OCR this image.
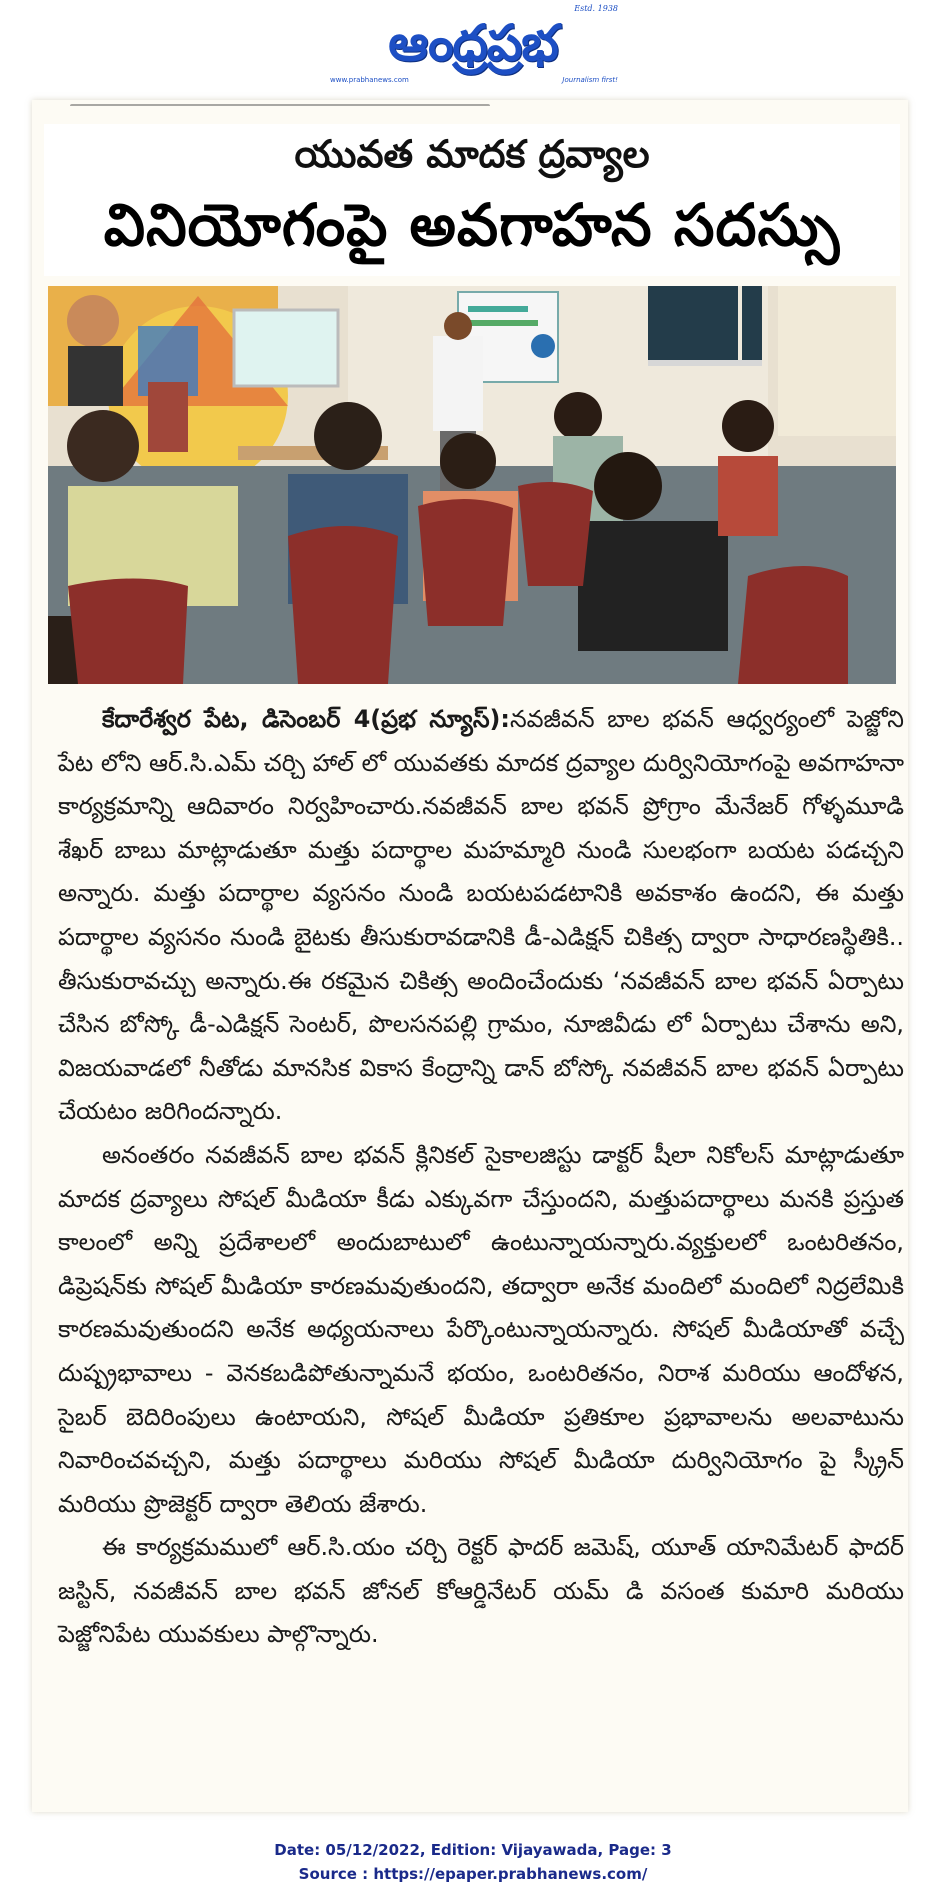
ఆంధ్రప్రభ
Estd. 1938
www.prabhanews.com	Journalism first!
యువత మాదక ద్రవ్యాల
వినియోగంపై అవగాహన సదస్సు

కేదారేశ్వర పేట, డిసెంబర్ 4(ప్రభ న్యూస్):నవజీవన్ బాల భవన్ ఆధ్వర్యంలో పెజ్జోని పేట లోని ఆర్.సి.ఎమ్ చర్చి హాల్ లో యువతకు మాదక ద్రవ్యాల దుర్వినియోగంపై అవగాహనా కార్యక్రమాన్ని ఆదివారం నిర్వహించారు.నవజీవన్ బాల భవన్ ప్రోగ్రాం మేనేజర్ గోళ్ళమూడి శేఖర్ బాబు మాట్లాడుతూ మత్తు పదార్థాల మహమ్మారి నుండి సులభంగా బయట పడచ్చని అన్నారు. మత్తు పదార్థాల వ్యసనం నుండి బయటపడటానికి అవకాశం ఉందని, ఈ మత్తు పదార్థాల వ్యసనం నుండి బైటకు తీసుకురావడానికి డీ-ఎడిక్షన్ చికిత్స ద్వారా సాధారణస్థితికి.. తీసుకురావచ్చు అన్నారు.ఈ రకమైన చికిత్స అందించేందుకు ‘నవజీవన్ బాల భవన్ ఏర్పాటు చేసిన బోస్కో డీ-ఎడిక్షన్ సెంటర్, పొలసనపల్లి గ్రామం, నూజివీడు లో ఏర్పాటు చేశాను అని, విజయవాడలో నీతోడు మానసిక వికాస కేంద్రాన్ని డాన్ బోస్కో నవజీవన్ బాల భవన్ ఏర్పాటు చేయటం జరిగిందన్నారు.

అనంతరం నవజీవన్ బాల భవన్ క్లినికల్ సైకాలజిస్టు డాక్టర్ షీలా నికోలస్ మాట్లాడుతూ మాదక ద్రవ్యాలు సోషల్ మీడియా కీడు ఎక్కువగా చేస్తుందని, మత్తుపదార్థాలు మనకి ప్రస్తుత కాలంలో అన్ని ప్రదేశాలలో అందుబాటులో ఉంటున్నాయన్నారు.వ్యక్తులలో ఒంటరితనం, డిప్రెషన్‌కు సోషల్ మీడియా కారణమవుతుందని, తద్వారా అనేక మందిలో మందిలో నిద్రలేమికి కారణమవుతుందని అనేక అధ్యయనాలు పేర్కొంటున్నాయన్నారు. సోషల్ మీడియాతో వచ్చే దుష్ప్రభావాలు - వెనకబడిపోతున్నామనే భయం, ఒంటరితనం, నిరాశ మరియు ఆందోళన, సైబర్ బెదిరింపులు ఉంటాయని, సోషల్ మీడియా ప్రతికూల ప్రభావాలను అలవాటును నివారించవచ్చని, మత్తు పదార్థాలు మరియు సోషల్ మీడియా దుర్వినియోగం పై స్క్రీన్ మరియు ప్రొజెక్టర్ ద్వారా తెలియ జేశారు.

ఈ కార్యక్రమములో ఆర్.సి.యం చర్చి రెక్టర్ ఫాదర్ జమెష్, యూత్ యానిమేటర్ ఫాదర్ జస్టిన్, నవజీవన్ బాల భవన్ జోనల్ కోఆర్డినేటర్ యమ్ డి వసంత కుమారి మరియు పెజ్జోనిపేట యువకులు పాల్గొన్నారు.

Date: 05/12/2022, Edition: Vijayawada, Page: 3
Source : https://epaper.prabhanews.com/
